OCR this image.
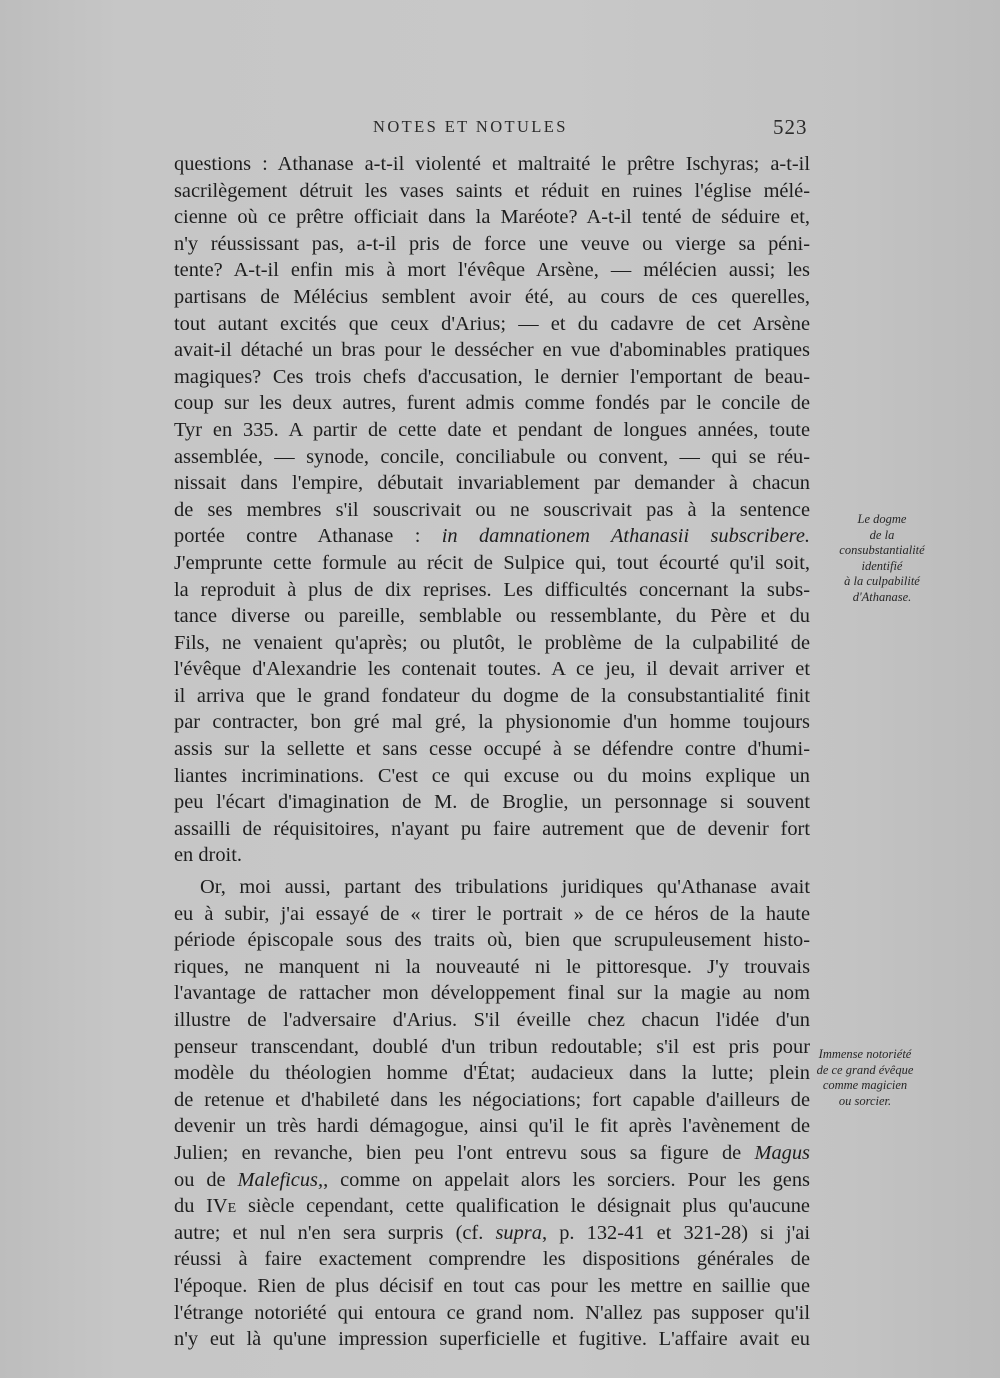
NOTES ET NOTULES	523
questions : Athanase a-t-il violenté et maltraité le prêtre Ischyras; a-t-il
sacrilègement détruit les vases saints et réduit en ruines l'église mélé-
cienne où ce prêtre officiait dans la Maréote? A-t-il tenté de séduire et,
n'y réussissant pas, a-t-il pris de force une veuve ou vierge sa péni-
tente? A-t-il enfin mis à mort l'évêque Arsène, — mélécien aussi; les
partisans de Mélécius semblent avoir été, au cours de ces querelles,
tout autant excités que ceux d'Arius; — et du cadavre de cet Arsène
avait-il détaché un bras pour le dessécher en vue d'abominables pratiques
magiques? Ces trois chefs d'accusation, le dernier l'emportant de beau-
coup sur les deux autres, furent admis comme fondés par le concile de
Tyr en 335. A partir de cette date et pendant de longues années, toute
assemblée, — synode, concile, conciliabule ou convent, — qui se réu-
nissait dans l'empire, débutait invariablement par demander à chacun
de ses membres s'il souscrivait ou ne souscrivait pas à la sentence
portée contre Athanase : in damnationem Athanasii subscribere.
J'emprunte cette formule au récit de Sulpice qui, tout écourté qu'il soit,
la reproduit à plus de dix reprises. Les difficultés concernant la subs-
tance diverse ou pareille, semblable ou ressemblante, du Père et du
Fils, ne venaient qu'après; ou plutôt, le problème de la culpabilité de
l'évêque d'Alexandrie les contenait toutes. A ce jeu, il devait arriver et
il arriva que le grand fondateur du dogme de la consubstantialité finit
par contracter, bon gré mal gré, la physionomie d'un homme toujours
assis sur la sellette et sans cesse occupé à se défendre contre d'humi-
liantes incriminations. C'est ce qui excuse ou du moins explique un
peu l'écart d'imagination de M. de Broglie, un personnage si souvent
assailli de réquisitoires, n'ayant pu faire autrement que de devenir fort
en droit.
Or, moi aussi, partant des tribulations juridiques qu'Athanase avait
eu à subir, j'ai essayé de « tirer le portrait » de ce héros de la haute
période épiscopale sous des traits où, bien que scrupuleusement histo-
riques, ne manquent ni la nouveauté ni le pittoresque. J'y trouvais
l'avantage de rattacher mon développement final sur la magie au nom
illustre de l'adversaire d'Arius. S'il éveille chez chacun l'idée d'un
penseur transcendant, doublé d'un tribun redoutable; s'il est pris pour
modèle du théologien homme d'État; audacieux dans la lutte; plein
de retenue et d'habileté dans les négociations; fort capable d'ailleurs de
devenir un très hardi démagogue, ainsi qu'il le fit après l'avènement de
Julien; en revanche, bien peu l'ont entrevu sous sa figure de Magus
ou de Maleficus,, comme on appelait alors les sorciers. Pour les gens
du IVe siècle cependant, cette qualification le désignait plus qu'aucune
autre; et nul n'en sera surpris (cf. supra, p. 132-41 et 321-28) si j'ai
réussi à faire exactement comprendre les dispositions générales de
l'époque. Rien de plus décisif en tout cas pour les mettre en saillie que
l'étrange notoriété qui entoura ce grand nom. N'allez pas supposer qu'il
n'y eut là qu'une impression superficielle et fugitive. L'affaire avait eu
Le dogme
de la
consubstantialité
identifié
à la culpabilité
d'Athanase.
Immense notoriété
de ce grand évêque
comme magicien
ou sorcier.
